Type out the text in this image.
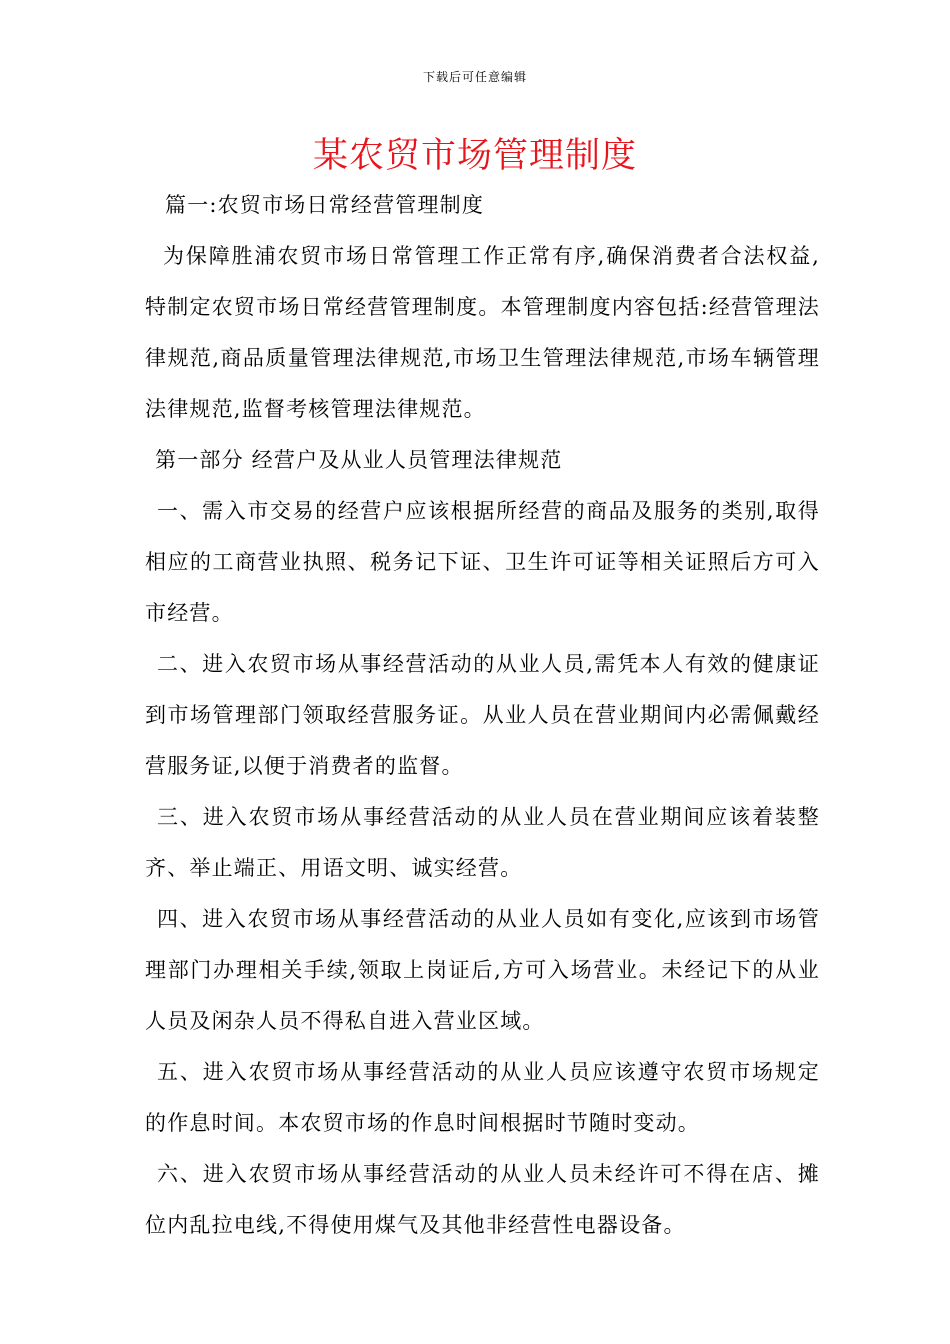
下载后可任意编辑
某农贸市场管理制度

篇一:农贸市场日常经营管理制度

为保障胜浦农贸市场日常管理工作正常有序,确保消费者合法权益,特制定农贸市场日常经营管理制度。本管理制度内容包括:经营管理法律规范,商品质量管理法律规范,市场卫生管理法律规范,市场车辆管理法律规范,监督考核管理法律规范。

第一部分 经营户及从业人员管理法律规范

一、需入市交易的经营户应该根据所经营的商品及服务的类别,取得相应的工商营业执照、税务记下证、卫生许可证等相关证照后方可入市经营。

二、进入农贸市场从事经营活动的从业人员,需凭本人有效的健康证到市场管理部门领取经营服务证。从业人员在营业期间内必需佩戴经营服务证,以便于消费者的监督。

三、进入农贸市场从事经营活动的从业人员在营业期间应该着装整齐、举止端正、用语文明、诚实经营。

四、进入农贸市场从事经营活动的从业人员如有变化,应该到市场管理部门办理相关手续,领取上岗证后,方可入场营业。未经记下的从业人员及闲杂人员不得私自进入营业区域。

五、进入农贸市场从事经营活动的从业人员应该遵守农贸市场规定的作息时间。本农贸市场的作息时间根据时节随时变动。

六、进入农贸市场从事经营活动的从业人员未经许可不得在店、摊位内乱拉电线,不得使用煤气及其他非经营性电器设备。
